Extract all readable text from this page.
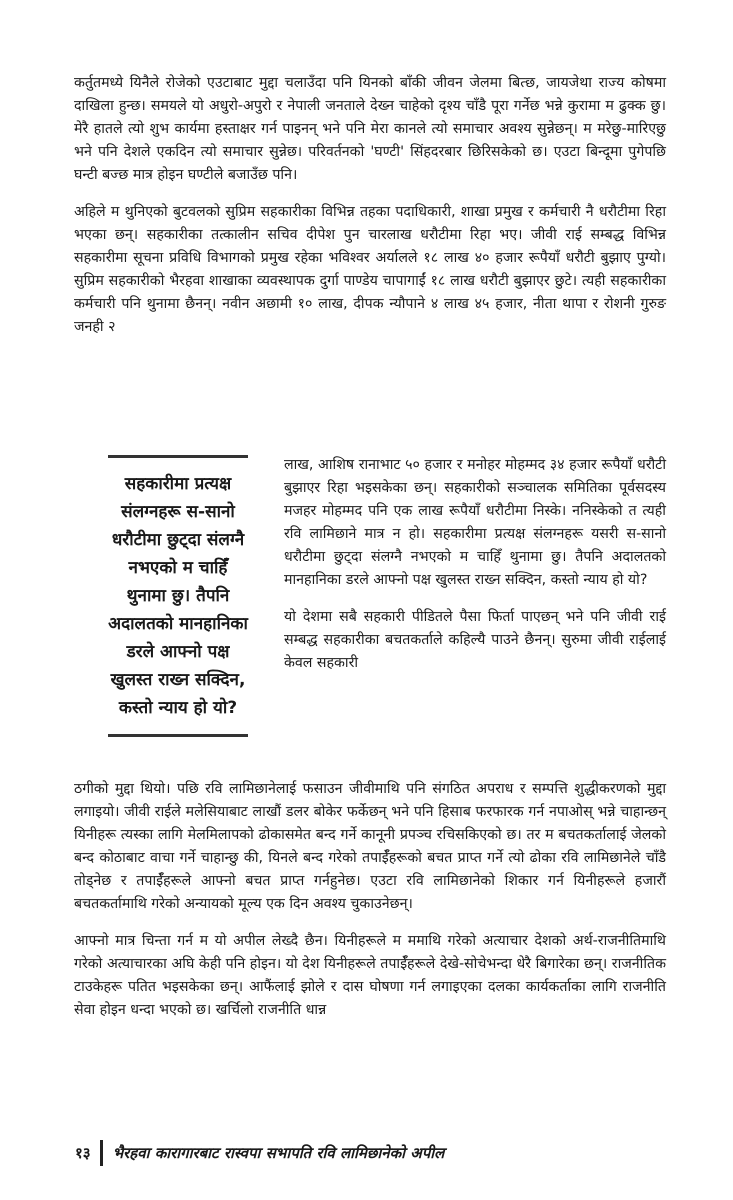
कर्तुतमध्ये यिनैले रोजेको एउटाबाट मुद्दा चलाउँदा पनि यिनको बाँकी जीवन जेलमा बित्छ, जायजेथा राज्य कोषमा दाखिला हुन्छ। समयले यो अधुरो-अपुरो र नेपाली जनताले देख्न चाहेको दृश्य चाँडै पूरा गर्नेछ भन्ने कुरामा म ढुक्क छु। मेरै हातले त्यो शुभ कार्यमा हस्ताक्षर गर्न पाइनन् भने पनि मेरा कानले त्यो समाचार अवश्य सुन्नेछन्। म मरेछु-मारिएछु भने पनि देशले एकदिन त्यो समाचार सुन्नेछ। परिवर्तनको 'घण्टी' सिंहदरबार छिरिसकेको छ। एउटा बिन्दूमा पुगेपछि घन्टी बज्छ मात्र होइन घण्टीले बजाउँछ पनि।

अहिले म थुनिएको बुटवलको सुप्रिम सहकारीका विभिन्न तहका पदाधिकारी, शाखा प्रमुख र कर्मचारी नै धरौटीमा रिहा भएका छन्। सहकारीका तत्कालीन सचिव दीपेश पुन चारलाख धरौटीमा रिहा भए। जीवी राई सम्बद्ध विभिन्न सहकारीमा सूचना प्रविधि विभागको प्रमुख रहेका भविश्वर अर्यालले १८ लाख ४० हजार रूपैयाँ धरौटी बुझाए पुग्यो। सुप्रिम सहकारीको भैरहवा शाखाका व्यवस्थापक दुर्गा पाण्डेय चापागाईं १८ लाख धरौटी बुझाएर छुटे। त्यही सहकारीका कर्मचारी पनि थुनामा छैनन्। नवीन अछामी १० लाख, दीपक न्यौपाने ४ लाख ४५ हजार, नीता थापा र रोशनी गुरुङ जनही २

सहकारीमा प्रत्यक्ष संलग्नहरू स-सानो धरौटीमा छुट्दा संलग्नै नभएको म चाहिँ थुनामा छु। तैपनि अदालतको मानहानिका डरले आफ्नो पक्ष खुलस्त राख्न सक्दिन, कस्तो न्याय हो यो?

लाख, आशिष रानाभाट ५० हजार र मनोहर मोहम्मद ३४ हजार रूपैयाँ धरौटी बुझाएर रिहा भइसकेका छन्। सहकारीको सञ्चालक समितिका पूर्वसदस्य मजहर मोहम्मद पनि एक लाख रूपैयाँ धरौटीमा निस्के। ननिस्केको त त्यही रवि लामिछाने मात्र न हो। सहकारीमा प्रत्यक्ष संलग्नहरू यसरी स-सानो धरौटीमा छुट्दा संलग्नै नभएको म चाहिँ थुनामा छु। तैपनि अदालतको मानहानिका डरले आफ्नो पक्ष खुलस्त राख्न सक्दिन, कस्तो न्याय हो यो?

यो देशमा सबै सहकारी पीडितले पैसा फिर्ता पाएछन् भने पनि जीवी राई सम्बद्ध सहकारीका बचतकर्ताले कहिल्यै पाउने छैनन्। सुरुमा जीवी राईलाई केवल सहकारी

ठगीको मुद्दा थियो। पछि रवि लामिछानेलाई फसाउन जीवीमाथि पनि संगठित अपराध र सम्पत्ति शुद्धीकरणको मुद्दा लगाइयो। जीवी राईले मलेसियाबाट लाखौं डलर बोकेर फर्केछन् भने पनि हिसाब फरफारक गर्न नपाओस् भन्ने चाहान्छन् यिनीहरू त्यस्का लागि मेलमिलापको ढोकासमेत बन्द गर्ने कानूनी प्रपञ्च रचिसकिएको छ। तर म बचतकर्तालाई जेलको बन्द कोठाबाट वाचा गर्ने चाहान्छु की, यिनले बन्द गरेको तपाईँहरूको बचत प्राप्त गर्ने त्यो ढोका रवि लामिछानेले चाँडै तोड्नेछ र तपाईँहरूले आफ्नो बचत प्राप्त गर्नहुनेछ। एउटा रवि लामिछानेको शिकार गर्न यिनीहरूले हजारौं बचतकर्तामाथि गरेको अन्यायको मूल्य एक दिन अवश्य चुकाउनेछन्।

आफ्नो मात्र चिन्ता गर्न म यो अपील लेख्दै छैन। यिनीहरूले म ममाथि गरेको अत्याचार देशको अर्थ-राजनीतिमाथि गरेको अत्याचारका अघि केही पनि होइन। यो देश यिनीहरूले तपाईँहरूले देखे-सोचेभन्दा धेरै बिगारेका छन्। राजनीतिक टाउकेहरू पतित भइसकेका छन्। आफैंलाई झोले र दास घोषणा गर्न लगाइएका दलका कार्यकर्ताका लागि राजनीति सेवा होइन धन्दा भएको छ। खर्चिलो राजनीति धान्न

१३ भैरहवा कारागारबाट रास्वपा सभापति रवि लामिछानेको अपील
